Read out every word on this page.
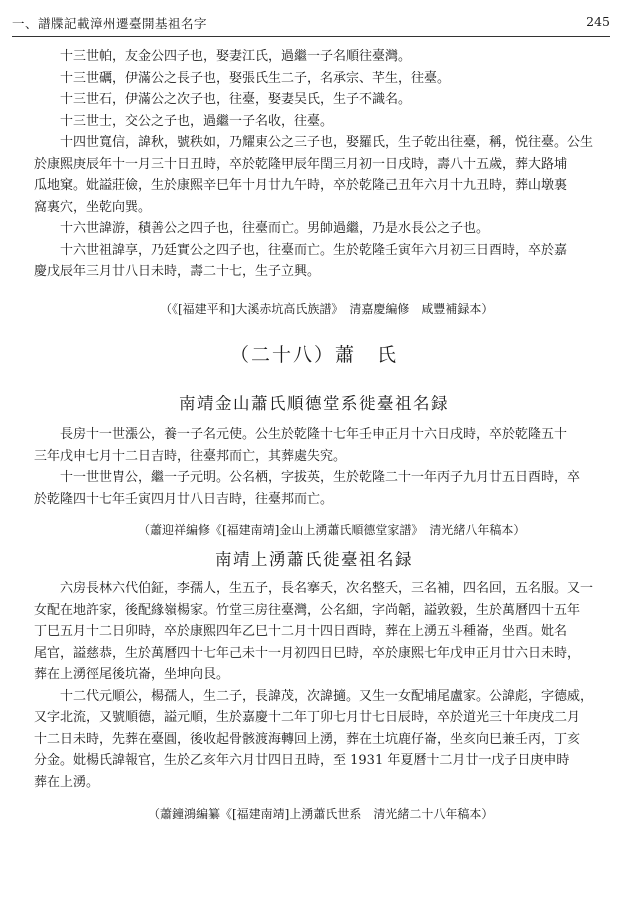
一、譜牒記載漳州遷臺開基祖名字	245
十三世帕，友金公四子也，娶妻江氏，過繼一子名順往臺灣。
十三世礪，伊滿公之長子也，娶張氏生二子，名承宗、芊生，往臺。
十三世石，伊滿公之次子也，往臺，娶妻吴氏，生子不識名。
十三世士，交公之子也，過繼一子名收，往臺。
十四世寬信，諱秋，號秩如，乃耀東公之三子也，娶羅氏，生子乾出往臺，稱，悦往臺。公生
於康熙庚辰年十一月三十日丑時，卒於乾隆甲辰年閏三月初一日戌時，壽八十五歲，葬大路埔
瓜地窠。妣謚莊儉，生於康熙辛巳年十月廿九午時，卒於乾隆己丑年六月十九丑時，葬山墩裏
窩裏穴，坐乾向巽。
十六世諱游，積善公之四子也，往臺而亡。男帥過繼，乃是水長公之子也。
十六世祖諱享，乃廷實公之四子也，往臺而亡。生於乾隆壬寅年六月初三日酉時，卒於嘉
慶戊辰年三月廿八日未時，壽二十七，生子立興。
（《[福建平和]大溪赤坑高氏族譜》　清嘉慶編修　咸豐補録本）
（二十八）蕭　氏
南靖金山蕭氏順德堂系徙臺祖名録
長房十一世漲公，養一子名元使。公生於乾隆十七年壬申正月十六日戌時，卒於乾隆五十
三年戊申七月十二日吉時，往臺邦而亡，其葬處失究。
十一世世胄公，繼一子元明。公名栖，字拔英，生於乾隆二十一年丙子九月廿五日酉時，卒
於乾隆四十七年壬寅四月廿八日吉時，往臺邦而亡。
（蕭迎祥編修《[福建南靖]金山上湧蕭氏順德堂家譜》　清光緒八年稿本）
南靖上湧蕭氏徙臺祖名録
六房長林六代伯鉦，李孺人，生五子，長名搴夭，次名整夭，三名補，四名回，五名服。又一
女配在地許家，後配緣嶺楊家。竹堂三房往臺灣，公名細，字尚韜，謚敦毅，生於萬曆四十五年
丁巳五月十二日卯時，卒於康熙四年乙巳十二月十四日酉時，葬在上湧五斗種崙，坐酉。妣名
尾官，謚慈恭，生於萬曆四十七年己未十一月初四日巳時，卒於康熙七年戊申正月廿六日未時，
葬在上湧徑尾後坑崙，坐坤向艮。
十二代元順公，楊孺人，生二子，長諱茂，次諱擿。又生一女配埔尾盧家。公諱彪，字德威，
又字北流，又號順德，謚元順，生於嘉慶十二年丁卯七月廿七日辰時，卒於道光三十年庚戌二月
十二日未時，先葬在臺圓，後收起骨骸渡海轉回上湧，葬在土坑鹿仔崙，坐亥向巳兼壬丙，丁亥
分金。妣楊氏諱報官，生於乙亥年六月廿四日丑時，至 1931 年夏曆十二月廿一戊子日庚申時
葬在上湧。
（蕭鐘鴻編纂《[福建南靖]上湧蕭氏世系　清光緒二十八年稿本）
